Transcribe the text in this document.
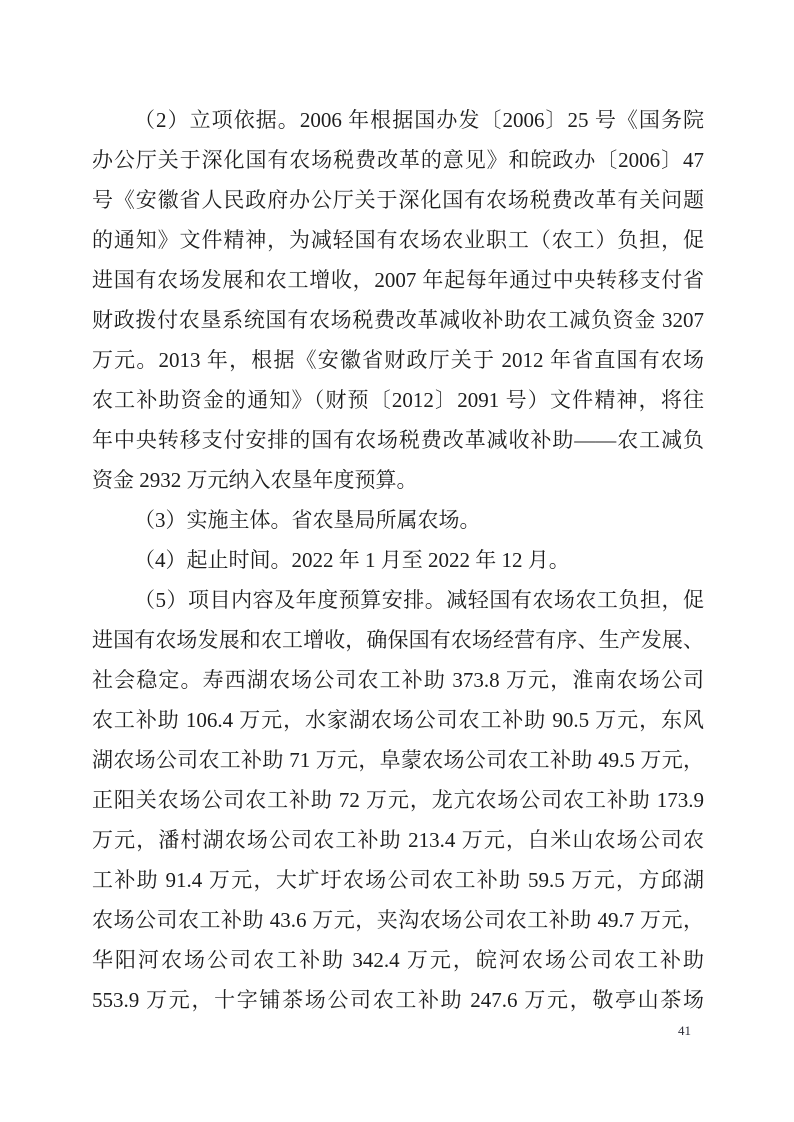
（2）立项依据。2006 年根据国办发〔2006〕25 号《国务院
办公厅关于深化国有农场税费改革的意见》和皖政办〔2006〕47
号《安徽省人民政府办公厅关于深化国有农场税费改革有关问题
的通知》文件精神，为减轻国有农场农业职工（农工）负担，促
进国有农场发展和农工增收，2007 年起每年通过中央转移支付省
财政拨付农垦系统国有农场税费改革减收补助农工减负资金 3207
万元。2013 年，根据《安徽省财政厅关于 2012 年省直国有农场
农工补助资金的通知》（财预〔2012〕2091 号）文件精神，将往
年中央转移支付安排的国有农场税费改革减收补助——农工减负
资金 2932 万元纳入农垦年度预算。
（3）实施主体。省农垦局所属农场。
（4）起止时间。2022 年 1 月至 2022 年 12 月。
（5）项目内容及年度预算安排。减轻国有农场农工负担，促
进国有农场发展和农工增收，确保国有农场经营有序、生产发展、
社会稳定。寿西湖农场公司农工补助 373.8 万元，淮南农场公司
农工补助 106.4 万元，水家湖农场公司农工补助 90.5 万元，东风
湖农场公司农工补助 71 万元，阜蒙农场公司农工补助 49.5 万元，
正阳关农场公司农工补助 72 万元，龙亢农场公司农工补助 173.9
万元，潘村湖农场公司农工补助 213.4 万元，白米山农场公司农
工补助 91.4 万元，大圹圩农场公司农工补助 59.5 万元，方邱湖
农场公司农工补助 43.6 万元，夹沟农场公司农工补助 49.7 万元，
华阳河农场公司农工补助 342.4 万元，皖河农场公司农工补助
553.9 万元，十字铺茶场公司农工补助 247.6 万元，敬亭山茶场
41
